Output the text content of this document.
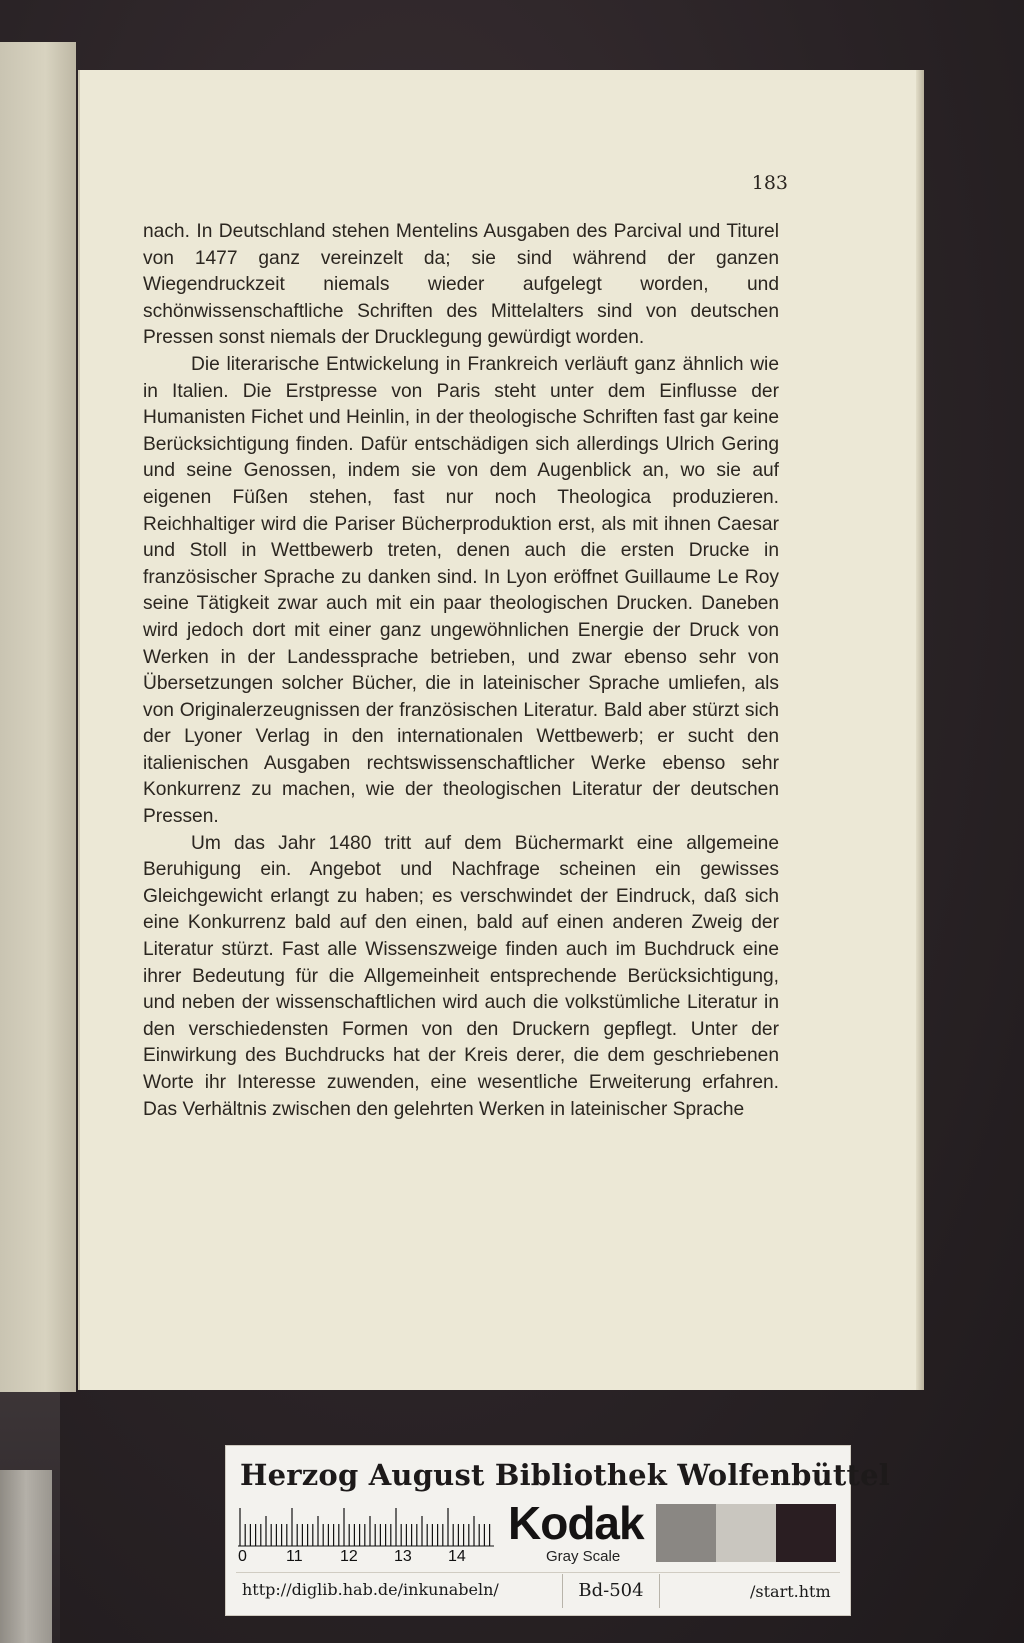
183

nach. In Deutschland stehen Mentelins Ausgaben des Parcival und Titurel von 1477 ganz vereinzelt da; sie sind während der ganzen Wiegendruckzeit niemals wieder aufgelegt worden, und schönwissenschaftliche Schriften des Mittelalters sind von deutschen Pressen sonst niemals der Drucklegung gewürdigt worden.

Die literarische Entwickelung in Frankreich verläuft ganz ähnlich wie in Italien. Die Erstpresse von Paris steht unter dem Einflusse der Humanisten Fichet und Heinlin, in der theologische Schriften fast gar keine Berücksichtigung finden. Dafür entschädigen sich allerdings Ulrich Gering und seine Genossen, indem sie von dem Augenblick an, wo sie auf eigenen Füßen stehen, fast nur noch Theologica produzieren. Reichhaltiger wird die Pariser Bücherproduktion erst, als mit ihnen Caesar und Stoll in Wettbewerb treten, denen auch die ersten Drucke in französischer Sprache zu danken sind. In Lyon eröffnet Guillaume Le Roy seine Tätigkeit zwar auch mit ein paar theologischen Drucken. Daneben wird jedoch dort mit einer ganz ungewöhnlichen Energie der Druck von Werken in der Landessprache betrieben, und zwar ebenso sehr von Übersetzungen solcher Bücher, die in lateinischer Sprache umliefen, als von Originalerzeugnissen der französischen Literatur. Bald aber stürzt sich der Lyoner Verlag in den internationalen Wettbewerb; er sucht den italienischen Ausgaben rechtswissenschaftlicher Werke ebenso sehr Konkurrenz zu machen, wie der theologischen Literatur der deutschen Pressen.

Um das Jahr 1480 tritt auf dem Büchermarkt eine allgemeine Beruhigung ein. Angebot und Nachfrage scheinen ein gewisses Gleichgewicht erlangt zu haben; es verschwindet der Eindruck, daß sich eine Konkurrenz bald auf den einen, bald auf einen anderen Zweig der Literatur stürzt. Fast alle Wissenszweige finden auch im Buchdruck eine ihrer Bedeutung für die Allgemeinheit entsprechende Berücksichtigung, und neben der wissenschaftlichen wird auch die volkstümliche Literatur in den verschiedensten Formen von den Druckern gepflegt. Unter der Einwirkung des Buchdrucks hat der Kreis derer, die dem geschriebenen Worte ihr Interesse zuwenden, eine wesentliche Erweiterung erfahren. Das Verhältnis zwischen den gelehrten Werken in lateinischer Sprache

Herzog August Bibliothek Wolfenbüttel
0 11 12 13 14
Kodak
Gray Scale
http://diglib.hab.de/inkunabeln/	Bd-504	/start.htm
